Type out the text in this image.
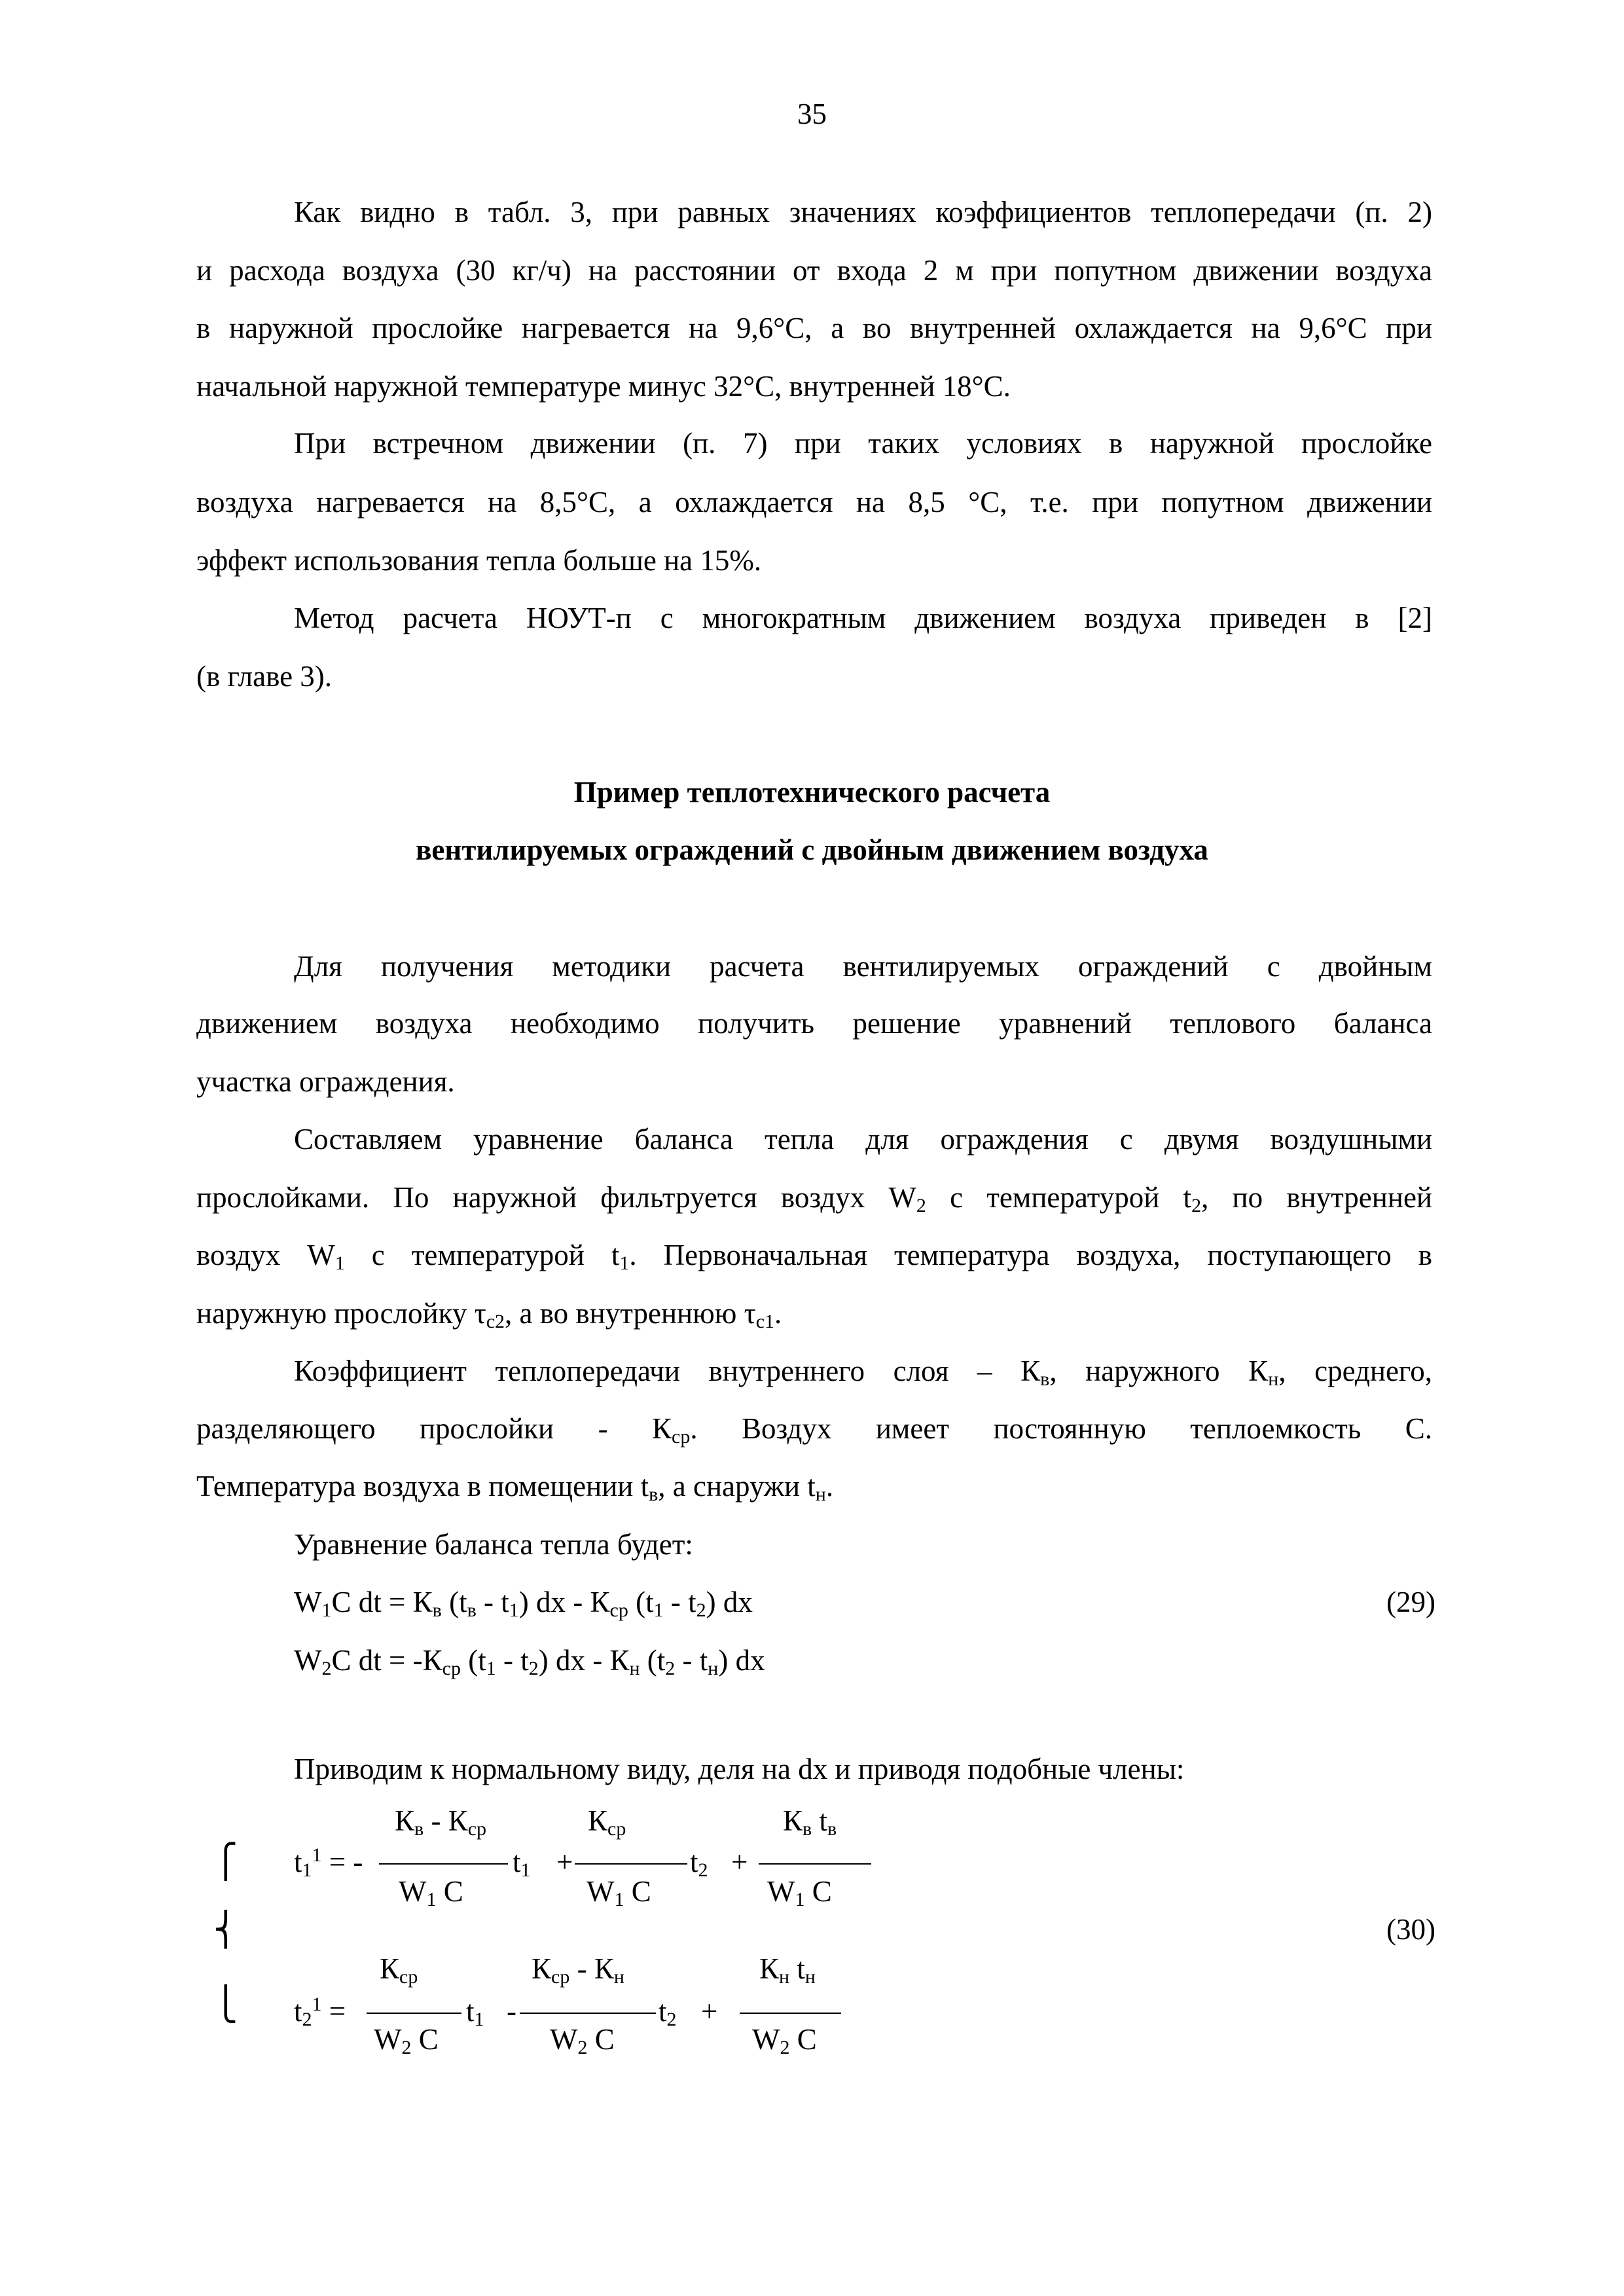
35
Как видно в табл. 3, при равных значениях коэффициентов теплопередачи (п. 2)
и расхода воздуха (30 кг/ч) на расстоянии от входа 2 м при попутном движении воздуха
в наружной прослойке нагревается на 9,6°С, а во внутренней охлаждается на 9,6°С при
начальной наружной температуре минус 32°С, внутренней 18°С.
При встречном движении (п. 7) при таких условиях в наружной прослойке
воздуха нагревается на 8,5°С, а охлаждается на 8,5 °С, т.е. при попутном движении
эффект использования тепла больше на 15%.
Метод расчета НОУТ-п с многократным движением воздуха приведен в [2]
(в главе 3).
Пример теплотехнического расчета
вентилируемых ограждений с двойным движением воздуха
Для получения методики расчета вентилируемых ограждений с двойным
движением воздуха необходимо получить решение уравнений теплового баланса
участка ограждения.
Составляем уравнение баланса тепла для ограждения с двумя воздушными
прослойками. По наружной фильтруется воздух $W_2$ с температурой $t_2$, по внутренней
воздух $W_1$ с температурой $t_1$. Первоначальная температура воздуха, поступающего в
наружную прослойку $\tau_{с2}$, а во внутреннюю $\tau_{с1}$.
Коэффициент теплопередачи внутреннего слоя – $К_в$, наружного $К_н$, среднего,
разделяющего прослойки - $К_{ср}$. Воздух имеет постоянную теплоемкость С.
Температура воздуха в помещении $t_в$, а снаружи $t_н$.
Уравнение баланса тепла будет:
$W_1C$ dt = $К_в$ $(t_в - t_1)$ dx - $К_{ср}$ $(t_1 - t_2)$ dx	(29)
$W_2C$ dt = $-К_{ср}$ $(t_1 - t_2)$ dx - $К_н$ $(t_2 - t_н)$ dx
Приводим к нормальному виду, деля на dx и приводя подобные члены:
⎧
⎨
⎩
(30)
$t_1^1$ = -
$К_в - К_{ср}$
$W_1$ C
$t_1$ +
$К_{ср}$
$W_1$ C
$t_2$ +
$К_в$ $t_в$
$W_1$ C
$t_2^1$ =
$К_{ср}$
$W_2$ C
$t_1$ -
$К_{ср} - К_н$
$W_2$ C
$t_2$ +
$К_н$ $t_н$
$W_2$ C
